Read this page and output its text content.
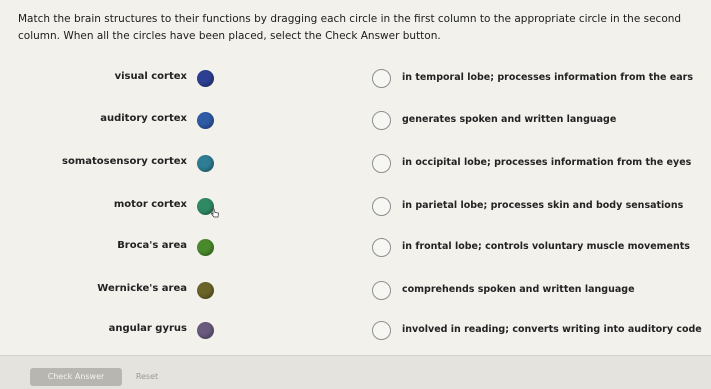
Match the brain structures to their functions by dragging each circle in the first column to the appropriate circle in the second column. When all the circles have been placed, select the Check Answer button.
visual cortex	in temporal lobe; processes information from the ears
auditory cortex	generates spoken and written language
somatosensory cortex	in occipital lobe; processes information from the eyes
motor cortex	in parietal lobe; processes skin and body sensations
Broca's area	in frontal lobe; controls voluntary muscle movements
Wernicke's area	comprehends spoken and written language
angular gyrus	involved in reading; converts writing into auditory code
Check Answer	Reset
